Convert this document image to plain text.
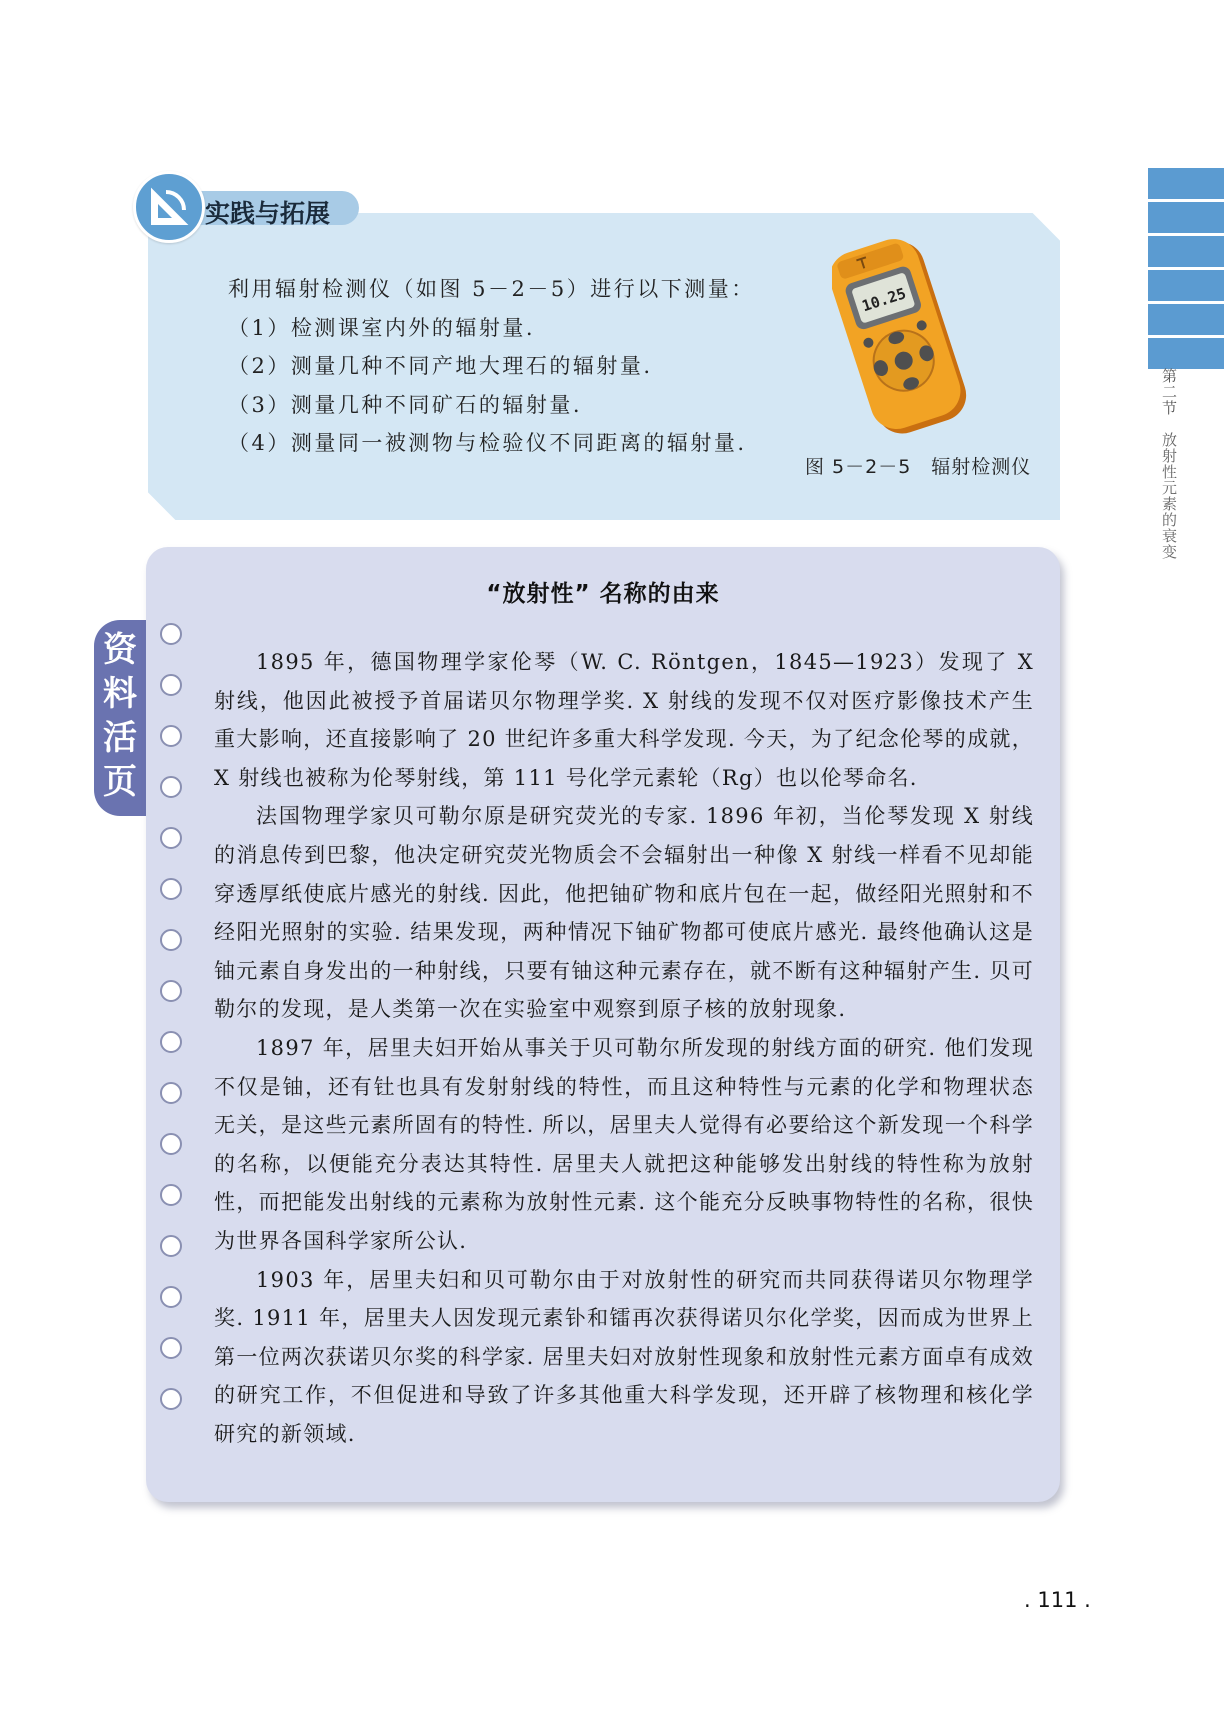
第二节 放射性元素的衰变
实践与拓展

利用辐射检测仪（如图 5－2－5）进行以下测量：

（1）检测课室内外的辐射量.

（2）测量几种不同产地大理石的辐射量.

（3）测量几种不同矿石的辐射量.

（4）测量同一被测物与检验仪不同距离的辐射量.

10.25
图 5－2－5　辐射检测仪
资
料
活
页
“放射性” 名称的由来

1895 年，德国物理学家伦琴（W. C. Röntgen，1845—1923）发现了 X 射线，他因此被授予首届诺贝尔物理学奖. X 射线的发现不仅对医疗影像技术产生重大影响，还直接影响了 20 世纪许多重大科学发现. 今天，为了纪念伦琴的成就，X 射线也被称为伦琴射线，第 111 号化学元素轮（Rg）也以伦琴命名.

法国物理学家贝可勒尔原是研究荧光的专家. 1896 年初，当伦琴发现 X 射线的消息传到巴黎，他决定研究荧光物质会不会辐射出一种像 X 射线一样看不见却能穿透厚纸使底片感光的射线. 因此，他把铀矿物和底片包在一起，做经阳光照射和不经阳光照射的实验. 结果发现，两种情况下铀矿物都可使底片感光. 最终他确认这是铀元素自身发出的一种射线，只要有铀这种元素存在，就不断有这种辐射产生. 贝可勒尔的发现，是人类第一次在实验室中观察到原子核的放射现象.

1897 年，居里夫妇开始从事关于贝可勒尔所发现的射线方面的研究. 他们发现不仅是铀，还有钍也具有发射射线的特性，而且这种特性与元素的化学和物理状态无关，是这些元素所固有的特性. 所以，居里夫人觉得有必要给这个新发现一个科学的名称，以便能充分表达其特性. 居里夫人就把这种能够发出射线的特性称为放射性，而把能发出射线的元素称为放射性元素. 这个能充分反映事物特性的名称，很快为世界各国科学家所公认.

1903 年，居里夫妇和贝可勒尔由于对放射性的研究而共同获得诺贝尔物理学奖. 1911 年，居里夫人因发现元素钋和镭再次获得诺贝尔化学奖，因而成为世界上第一位两次获诺贝尔奖的科学家. 居里夫妇对放射性现象和放射性元素方面卓有成效的研究工作，不但促进和导致了许多其他重大科学发现，还开辟了核物理和核化学研究的新领域.

. 111 .
